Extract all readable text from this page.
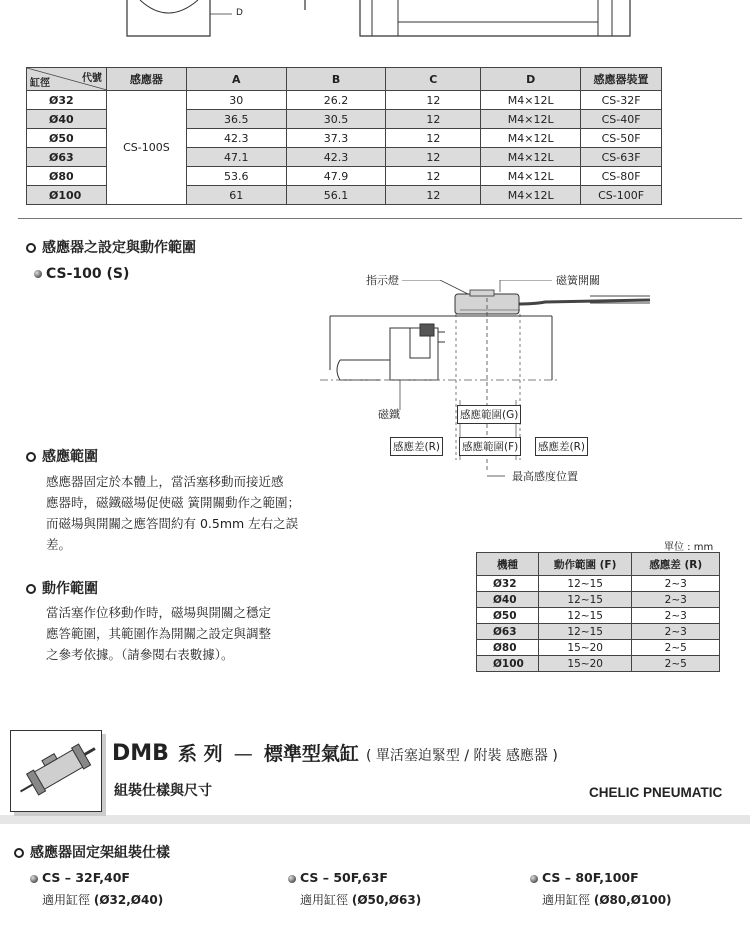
D
代號
缸徑	感應器	A	B	C	D	感應器裝置
Ø32	CS-100S	30	26.2	12	M4×12L	CS-32F
Ø40		36.5	30.5	12	M4×12L	CS-40F
Ø50		42.3	37.3	12	M4×12L	CS-50F
Ø63		47.1	42.3	12	M4×12L	CS-63F
Ø80		53.6	47.9	12	M4×12L	CS-80F
Ø100		61	56.1	12	M4×12L	CS-100F
感應器之設定與動作範圍
CS-100 (S)	指示燈	磁簧開關
磁鐵	感應範圍(G)
感應差(R) 感應範圍(F) 感應差(R)
最高感度位置
感應範圍
感應器固定於本體上，當活塞移動而接近感
應器時，磁鐵磁場促使磁 簧開關動作之範圍；
而磁場與開關之應答間約有 0.5mm 左右之誤
差。
動作範圍
當活塞作位移動作時，磁場與開關之穩定
應答範圍，其範圍作為開關之設定與調整
之參考依據。（請參閱右表數據）。
單位 : mm
機種	動作範圍 (F)	感應差 (R)
Ø32	12~15	2~3
Ø40	12~15	2~3
Ø50	12~15	2~3
Ø63	12~15	2~3
Ø80	15~20	2~5
Ø100	15~20	2~5
DMB 系 列 — 標準型氣缸 ( 單活塞迫緊型 / 附裝 感應器 )
組裝仕樣與尺寸	CHELIC PNEUMATIC
感應器固定架組裝仕樣
CS – 32F,40F
適用缸徑 (Ø32,Ø40)
CS – 50F,63F
適用缸徑 (Ø50,Ø63)
CS – 80F,100F
適用缸徑 (Ø80,Ø100)
